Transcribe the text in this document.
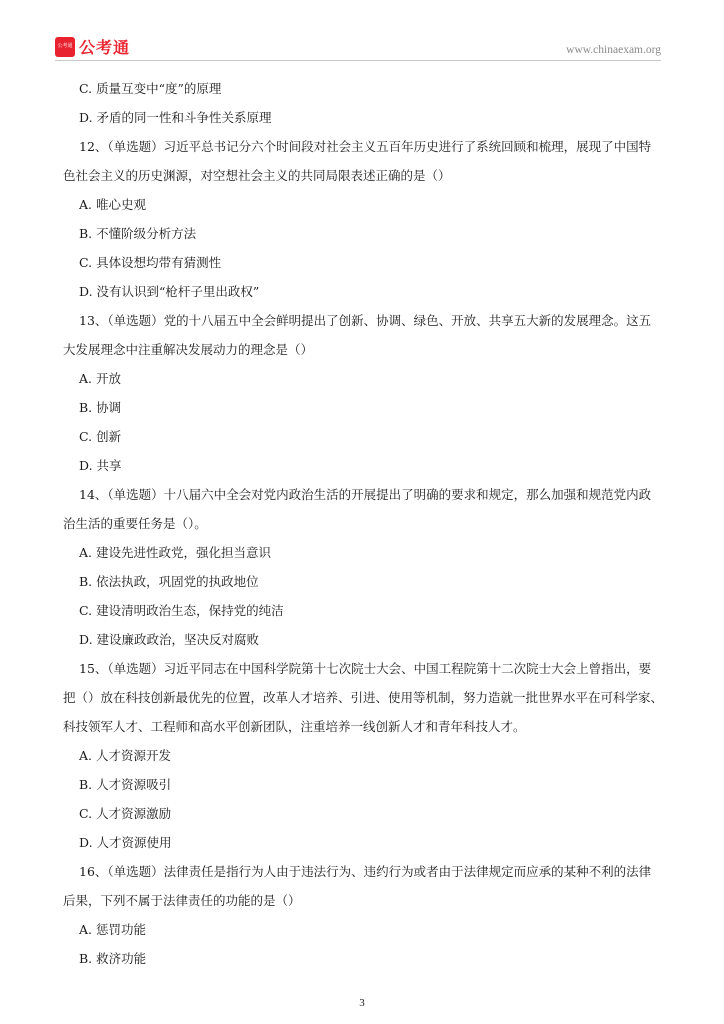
公考通 公考通	www.chinaexam.org
C. 质量互变中“度”的原理
D. 矛盾的同一性和斗争性关系原理
12、（单选题）习近平总书记分六个时间段对社会主义五百年历史进行了系统回顾和梳理，展现了中国特
色社会主义的历史渊源，对空想社会主义的共同局限表述正确的是（）
A. 唯心史观
B. 不懂阶级分析方法
C. 具体设想均带有猜测性
D. 没有认识到“枪杆子里出政权”
13、（单选题）党的十八届五中全会鲜明提出了创新、协调、绿色、开放、共享五大新的发展理念。这五
大发展理念中注重解决发展动力的理念是（）
A. 开放
B. 协调
C. 创新
D. 共享
14、（单选题）十八届六中全会对党内政治生活的开展提出了明确的要求和规定，那么加强和规范党内政
治生活的重要任务是（）。
A. 建设先进性政党，强化担当意识
B. 依法执政，巩固党的执政地位
C. 建设清明政治生态，保持党的纯洁
D. 建设廉政政治，坚决反对腐败
15、（单选题）习近平同志在中国科学院第十七次院士大会、中国工程院第十二次院士大会上曾指出，要
把（）放在科技创新最优先的位置，改革人才培养、引进、使用等机制，努力造就一批世界水平在可科学家、
科技领军人才、工程师和高水平创新团队，注重培养一线创新人才和青年科技人才。
A. 人才资源开发
B. 人才资源吸引
C. 人才资源激励
D. 人才资源使用
16、（单选题）法律责任是指行为人由于违法行为、违约行为或者由于法律规定而应承的某种不利的法律
后果，下列不属于法律责任的功能的是（）
A. 惩罚功能
B. 救济功能
3
